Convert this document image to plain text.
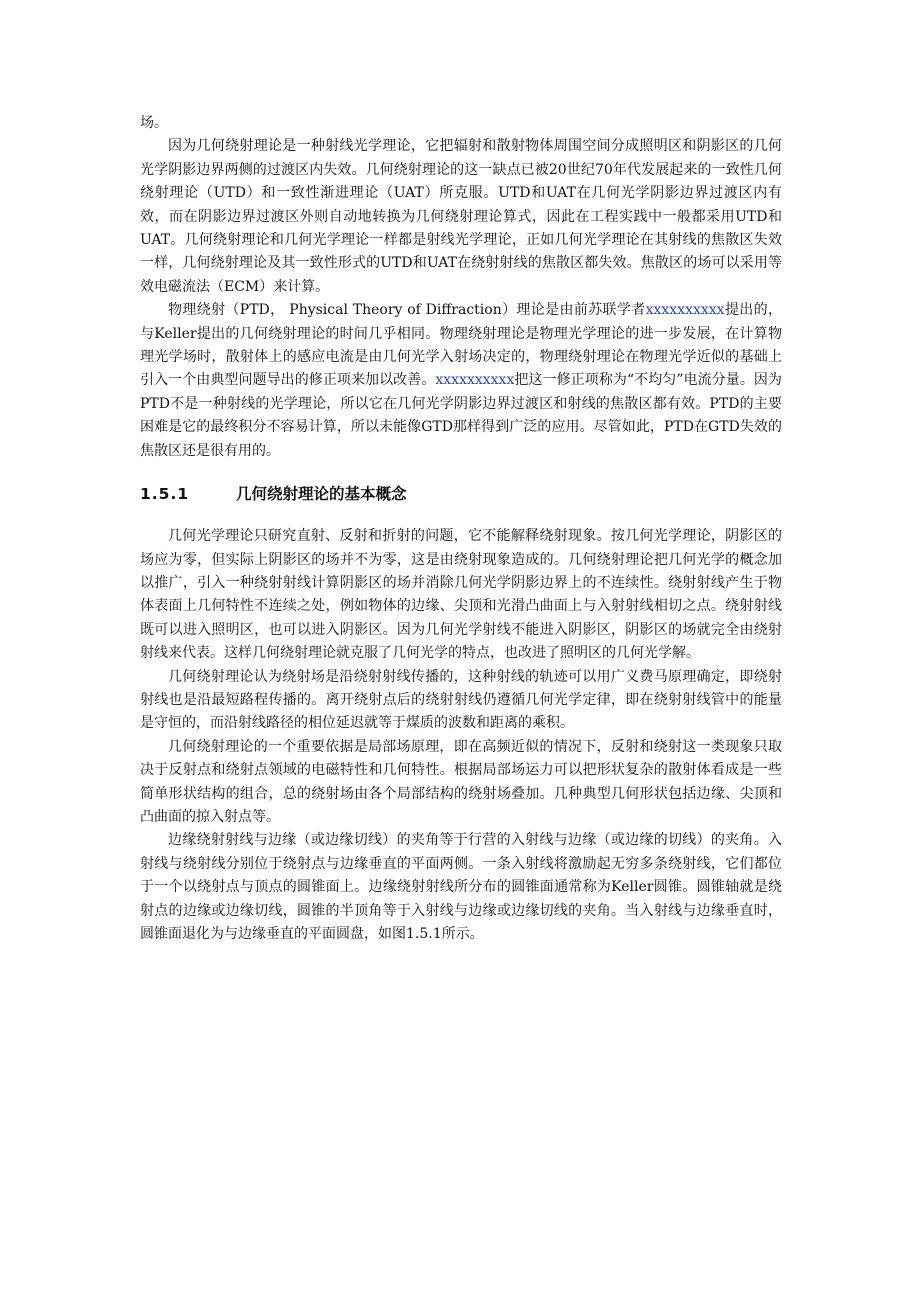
场。

因为几何绕射理论是一种射线光学理论，它把辐射和散射物体周围空间分成照明区和阴影区的几何光学阴影边界两侧的过渡区内失效。几何绕射理论的这一缺点已被20世纪70年代发展起来的一致性几何绕射理论（UTD）和一致性渐进理论（UAT）所克服。UTD和UAT在几何光学阴影边界过渡区内有效，而在阴影边界过渡区外则自动地转换为几何绕射理论算式，因此在工程实践中一般都采用UTD和UAT。几何绕射理论和几何光学理论一样都是射线光学理论，正如几何光学理论在其射线的焦散区失效一样，几何绕射理论及其一致性形式的UTD和UAT在绕射射线的焦散区都失效。焦散区的场可以采用等效电磁流法（ECM）来计算。

物理绕射（PTD， Physical Theory of Diffraction）理论是由前苏联学者xxxxxxxxxx提出的，与Keller提出的几何绕射理论的时间几乎相同。物理绕射理论是物理光学理论的进一步发展，在计算物理光学场时，散射体上的感应电流是由几何光学入射场决定的，物理绕射理论在物理光学近似的基础上引入一个由典型问题导出的修正项来加以改善。xxxxxxxxxx把这一修正项称为“不均匀”电流分量。因为PTD不是一种射线的光学理论，所以它在几何光学阴影边界过渡区和射线的焦散区都有效。PTD的主要困难是它的最终积分不容易计算，所以未能像GTD那样得到广泛的应用。尽管如此，PTD在GTD失效的焦散区还是很有用的。

1.5.1	几何绕射理论的基本概念

几何光学理论只研究直射、反射和折射的问题，它不能解释绕射现象。按几何光学理论，阴影区的场应为零，但实际上阴影区的场并不为零，这是由绕射现象造成的。几何绕射理论把几何光学的概念加以推广，引入一种绕射射线计算阴影区的场并消除几何光学阴影边界上的不连续性。绕射射线产生于物体表面上几何特性不连续之处，例如物体的边缘、尖顶和光滑凸曲面上与入射射线相切之点。绕射射线既可以进入照明区，也可以进入阴影区。因为几何光学射线不能进入阴影区，阴影区的场就完全由绕射射线来代表。这样几何绕射理论就克服了几何光学的特点，也改进了照明区的几何光学解。

几何绕射理论认为绕射场是沿绕射射线传播的，这种射线的轨迹可以用广义费马原理确定，即绕射射线也是沿最短路程传播的。离开绕射点后的绕射射线仍遵循几何光学定律，即在绕射射线管中的能量是守恒的，而沿射线路径的相位延迟就等于煤质的波数和距离的乘积。

几何绕射理论的一个重要依据是局部场原理，即在高频近似的情况下，反射和绕射这一类现象只取决于反射点和绕射点领域的电磁特性和几何特性。根据局部场运力可以把形状复杂的散射体看成是一些简单形状结构的组合，总的绕射场由各个局部结构的绕射场叠加。几种典型几何形状包括边缘、尖顶和凸曲面的掠入射点等。

边缘绕射射线与边缘（或边缘切线）的夹角等于行营的入射线与边缘（或边缘的切线）的夹角。入射线与绕射线分别位于绕射点与边缘垂直的平面两侧。一条入射线将激励起无穷多条绕射线，它们都位于一个以绕射点与顶点的圆锥面上。边缘绕射射线所分布的圆锥面通常称为Keller圆锥。圆锥轴就是绕射点的边缘或边缘切线，圆锥的半顶角等于入射线与边缘或边缘切线的夹角。当入射线与边缘垂直时，圆锥面退化为与边缘垂直的平面圆盘，如图1.5.1所示。
